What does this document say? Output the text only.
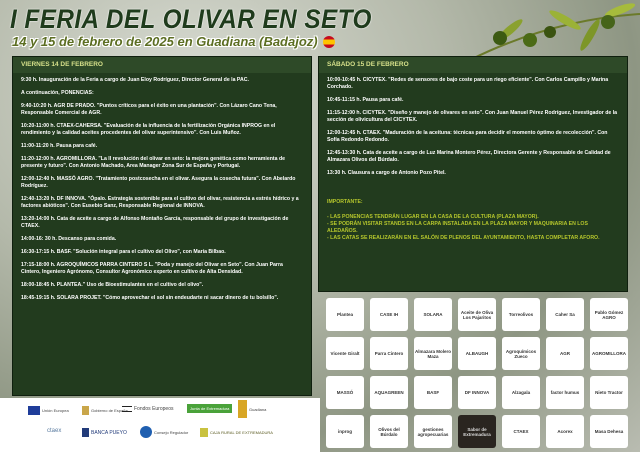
I FERIA DEL OLIVAR EN SETO
14 y 15 de febrero de 2025 en Guadiana (Badajoz)
VIERNES 14 DE FEBRERO

9:30 h. Inauguración de la Feria a cargo de Juan Eloy Rodríguez, Director General de la PAC.

A continuación, PONENCIAS:

9:40-10:20 h. AGR DE PRADO. "Puntos críticos para el éxito en una plantación". Con Lázaro Cano Tena, Responsable Comercial de AGR.

10:20-11:00 h. CTAEX-CAHERSA. "Evaluación de la influencia de la fertilización Orgánica INPROG en el rendimiento y la calidad aceites procedentes del olivar superintensivo". Con Luis Muñoz.

11:00-11:20 h. Pausa para café.

11:20-12:00 h. AGROMILLORA. "La II revolución del olivar en seto: la mejora genética como herramienta de presente y futuro". Con Antonio Machado, Area Manager Zona Sur de España y Portugal.

12:00-12:40 h. MASSÓ AGRO. "Tratamiento postcosecha en el olivar. Asegura la cosecha futura". Con Abelardo Rodríguez.

12:40-13:20 h. DF INNOVA. "Ópalo. Estrategia sostenible para el cultivo del olivar, resistencia a estrés hídrico y a factores abióticos". Con Eusebio Sanz, Responsable Regional de INNOVA.

13:20-14:00 h. Cata de aceite a cargo de Alfonso Montaño García, responsable del grupo de investigación de CTAEX.

14:00-16: 30 h. Descanso para comida.

16:30-17:15 h. BASF. "Solución integral para el cultivo del Olivo", con María Bilbao.

17:15-18:00 h. AGROQUÍMICOS PARRA CINTERO S L. "Poda y manejo del Olivar en Seto". Con Juan Parra Cintero, Ingeniero Agrónomo, Consultor Agronómico experto en cultivo de Alta Densidad.

18:00-18:45 h. PLANTEA." Uso de Bioestimulantes en el cultivo del olivo".

18:45-19:15 h. SOLARA PROJET. "Cómo aprovechar el sol sin endeudarte ni sacar dinero de tu bolsillo".

SÁBADO 15 DE FEBRERO

10:00-10:45 h. CICYTEX. "Redes de sensores de bajo coste para un riego eficiente". Con Carlos Campillo y Marina Corchado.

10:45-11:15 h. Pausa para café.

11:15-12:00 h. CICYTEX. "Diseño y manejo de olivares en seto". Con Juan Manuel Pérez Rodríguez, Investigador de la sección de olivicultura del CICYTEX.

12:00-12:45 h. CTAEX. "Maduración de la aceituna: técnicas para decidir el momento óptimo de recolección". Con Sofía Redondo Redondo.

12:45-13:30 h. Cata de aceite a cargo de Luz Marina Montero Pérez, Directora Gerente y Responsable de Calidad de Almazara Olivos del Búrdalo.

13:30 h. Clausura a cargo de Antonio Pozo Pitel.

IMPORTANTE:

- LAS PONENCIAS TENDRÁN LUGAR EN LA CASA DE LA CULTURA (PLAZA MAYOR).

- SE PODRÁN VISITAR STANDS EN LA CARPA INSTALADA EN LA PLAZA MAYOR Y MAQUINARIA EN LOS ALEDAÑOS.

- LAS CATAS SE REALIZARÁN EN EL SALÓN DE PLENOS DEL AYUNTAMIENTO, HASTA COMPLETAR AFORO.

Plantea	CASE IH	SOLARA	Aceite de Oliva Los Pajaritos	Torreolivos	Caher Sa	Pablo Gómez AGRO
Vicente Giralt	Parra Cintero	Almazara Molero Maza	ALBAUGH	Agroquímicos Zueco	AGR	AGROMILLORA
MASSÓ	AQUAGREEN	BASF	DF INNOVA	Alzagala	factor humus	Nieto Tractor
inprog	Olivos del Búrdalo
gestiones agropecuarias
Sabor de Extremadura	CTAEX	Acorex	Masa Dehesa
Unión Europea	Gobierno de España Fondos Europeos	Junta de Extremadura	Guadiana
ctaex	BANCA PUEYO	Consejo Regulador	CAJA RURAL DE EXTREMADURA
